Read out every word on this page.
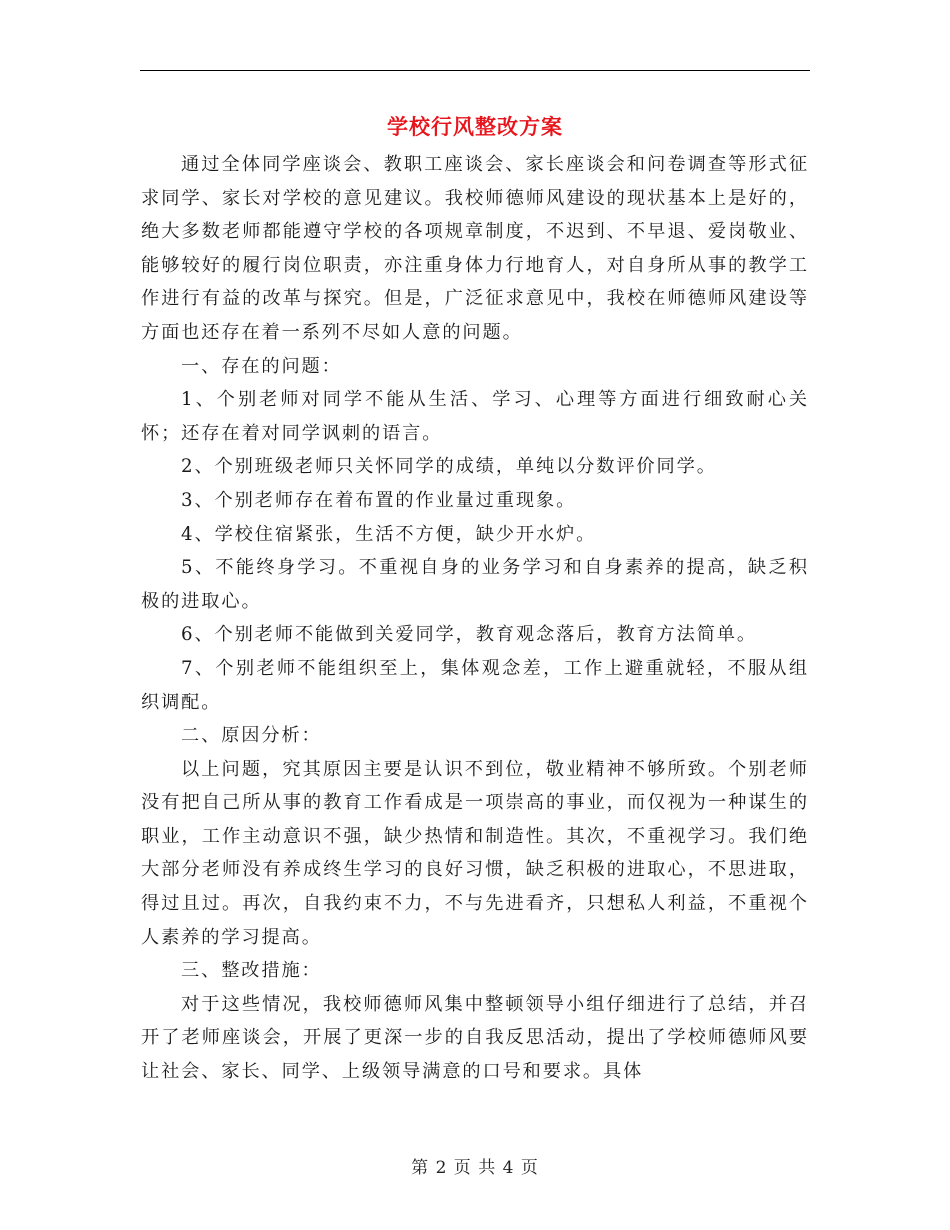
学校行风整改方案

通过全体同学座谈会、教职工座谈会、家长座谈会和问卷调查等形式征求同学、家长对学校的意见建议。我校师德师风建设的现状基本上是好的，绝大多数老师都能遵守学校的各项规章制度，不迟到、不早退、爱岗敬业、能够较好的履行岗位职责，亦注重身体力行地育人，对自身所从事的教学工作进行有益的改革与探究。但是，广泛征求意见中，我校在师德师风建设等方面也还存在着一系列不尽如人意的问题。

一、存在的问题：

1、个别老师对同学不能从生活、学习、心理等方面进行细致耐心关怀；还存在着对同学讽刺的语言。

2、个别班级老师只关怀同学的成绩，单纯以分数评价同学。

3、个别老师存在着布置的作业量过重现象。

4、学校住宿紧张，生活不方便，缺少开水炉。

5、不能终身学习。不重视自身的业务学习和自身素养的提高，缺乏积极的进取心。

6、个别老师不能做到关爱同学，教育观念落后，教育方法简单。

7、个别老师不能组织至上，集体观念差，工作上避重就轻，不服从组织调配。

二、原因分析：

以上问题，究其原因主要是认识不到位，敬业精神不够所致。个别老师没有把自己所从事的教育工作看成是一项崇高的事业，而仅视为一种谋生的职业，工作主动意识不强，缺少热情和制造性。其次，不重视学习。我们绝大部分老师没有养成终生学习的良好习惯，缺乏积极的进取心，不思进取，得过且过。再次，自我约束不力，不与先进看齐，只想私人利益，不重视个人素养的学习提高。

三、整改措施：

对于这些情况，我校师德师风集中整顿领导小组仔细进行了总结，并召开了老师座谈会，开展了更深一步的自我反思活动，提出了学校师德师风要让社会、家长、同学、上级领导满意的口号和要求。具体

第 2 页 共 4 页
